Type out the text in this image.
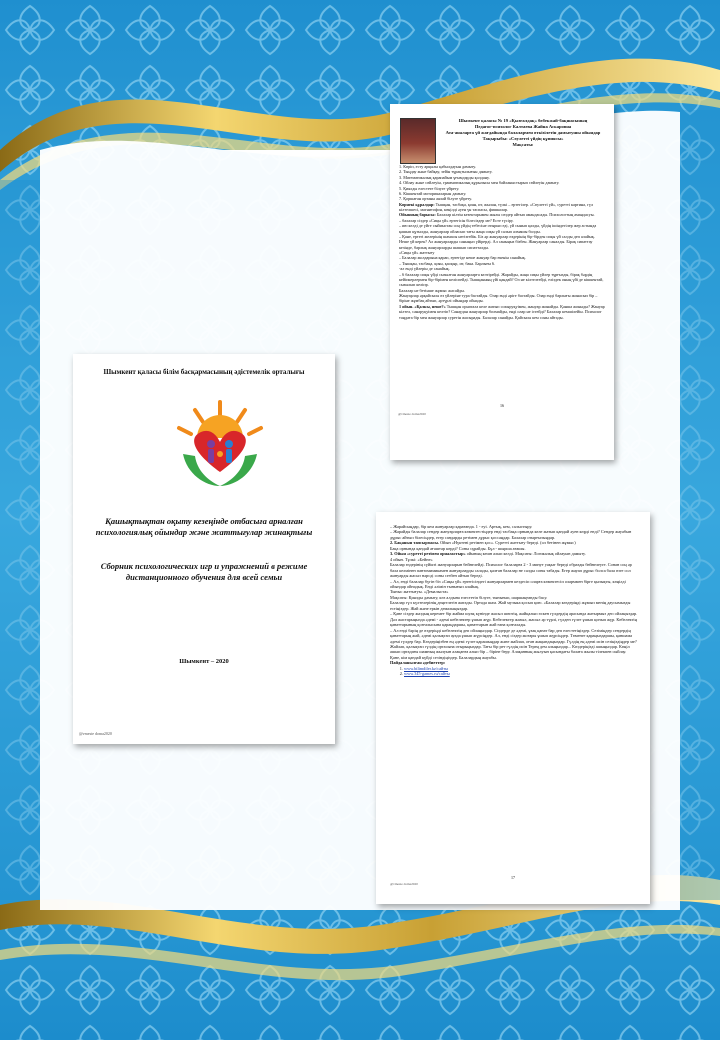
Шымкент қаласы білім басқармасының әдістемелік орталығы
Қашықтықтан оқыту кезеңінде отбасыға арналған психологиялық ойындар және жаттығулар жинақтығы
Сборник психологических игр и упражнений в режиме дистанционного обучения для всей семьи
Шымкент – 2020
@vmeste doma2020
Шымкент қаласы № 19 «Қызғалдақ» бөбекжай-бақшасының
Педагог-психолог Калтаева Жайна Аскаровна
Ата-аналарға үй жағдайында балалармен өткізілетін дамытушы ойындар
Тақырыбы: «Сөулетті үйдің құпиясы»
Мақсаты:

1. Көріп, есту арқылы қабылдауын дамыту.

2. Тыңдау және байқау, зейін тұрақтылығын дамыту.

3. Математикалық қарапайым ұғымдарды қолдану.

4. Ойлау және сөйлеуін, грамматикалық құрылысы мен байланыстырып сөйлеуін дамыту.

5. Қиялды елестете білуге үйрету.

6. Кішкентай моторикаларын дамыту.

7. Қоршаған ортаны аялай білуге үйрету.

Көрнекі құралдар: Тышқан, тасбақа, қоян, ит, жылан, түлкі – ертегілер. «Сөулетті үй», суретті картина, гүл кілтелшесі, магнитофон, көңілді әуен үн таспасы, фишкалар.

Ойынның барысы: Балалар кілтін кезектарымен жылы сөздер айтып амандасады. Психологтың амандасуы.

– балалар сіздер «Сиқы үй» ертегісін білесіздер ме? Есте түсіру.

– ию келді де үйге сыйиыстан соң үйдің тебесіне отырып еді, үй сынып қалды, үйдің ішіндегілер жер астында қашып құтылды, жануарлар ойласып тағы жаңа сиқы үй салып алмашы болды.

– Қане, ертегі желерінің шамасы негізгейік. Біз әр жануарлар өздерінің бір-бірден сиқы үй салды деп алайық. Неше үй керек? Ал жануарларды саныңыз үйірерді. Ал саныңыз бізбен. Жануарлар саналды. Бірақ сипаттау кезінде, барлық жануарларды шашып сипатталды.

«Сиқы үй» жаттығу

– Балалар жолдарына қарап, ертегіде неше жануар бар екенін санайық.

– Тышқан, тасбақа, қоян, қасқыр, ит, бака. Барлығы 6.

-ал енді үйлерін де санайық.

– 6 балалар сиқы үйді сызылған жануарларға келтірейді. Жарайды, жаңа сиқы үйлер тұрғызды, бірақ бәрдің кейіпкерлермен бір-бірімен келіспейді. Тышқанның үйі қандай? Ол не кілтелтейді, еліздек оның үйі де кішкентай, сызылып келіпр.

Балалар не бетінше жұмыс жасайды.

Жануарлар әрқайсысы өз үйлеріне тура бастайды. Олар енді әріге бастайды. Олар енді барлығы жинасып бір – біріне жұмбақ айтып, әртүрлі ойындар ойнады.

1 ойын. «Қалкы, неше?» Тышқан орнатала келе жатып сохыруқуімен, жануар жинайды. Қанша жоныды? Жануар кілтел, санаруқуімен келтіп? Санаудан жануарлар болмайды, енді олар не істейді? Балалар кемшілейін. Психолог таңдата бір мен жануарлар суретін жасырады. Балалар санайды. Қайсысы кем соны айтады.

16
@vmeste doma2020

– Жарайсыңдар, бір кем жануарлар қарағанда. 1 - еуі. Артық, кем, салыстыру.

– Жарайды балалар сендер жануарларға көмектестіңдер енді тасбақа орнында келе жатып қандай әуен көрді енді? Сендер жауабын дұрыс айтып білесіңдер, егер сандарды ретімен дұрыс қоссаңдар. Балалар отырғызыңдар.

2. Бақанын тапсырмасы. Ойын «Нүктені ретімен қос». Суретті жаттығу береді. (ол бетінен жұмыс)

Бақа орнында қандай ағаштар көрді? Соны сұрайды. Бұл - шырша ағашы.

3. Ойын «суретті ретімен орналастыр» ойының кешн алып келді. Мақсаты: Логикалық ойлауын дамыту.

4 ойын. Тұлкі: «Бейне»

Балалар өздерінің сүйікті жануарларын бейнелейді. Психолог балаларға 2 - 3 минут уақыт береді образды бейнелеуге. Сонан соң әр бала келмінен пантомимикамен жануарларды салады, қалған балалар не салды соны табады. Егер жауап дұрыс болса бала өзге сол жануарды жасыз нәрсді соны сезбен айтып береді.

– Ал, енді балалар бүгін біз «Сиқы үй» ертегісіндегі жануарлармен кездесіп оларға көмектесіп оларммен бірге қызықты, көңілді ойындар ойнадық. Енді әлімін тынығып алайық.

Тыныс жаттығуы. «Демалыста»

Мақсаты: Қиялды дамыту, көз алдына елестетіп білуге, тынығып, шаршаңғанды басу.

Балалар гүл күлтелерінің дөңгелегін жатады. Ортада шам. Жай музыка қосып қою. «Балалар көздеріңді жұмып менің даусымызды естіңіздер. Жай және еркін демалыңыздар.

– Қане сіздер жаздың керемет бір жайма шуақ күнінде жасыл шөптің, жайқалып өскен гүлдердің арасында жатырмыз деп ойлаңыздар. Дәл жастарыңызда әдемі - әдемі көбелектер ұшып жүр. Көбелектер жазыл, жасыл әр түрлі, гүлден гүлге ұшып қонып жүр. Көбелектің қанаттарының қозғалысына қараңдаршы, қанаттарын жай ғана қозғалады.

– Ал енді бәрің де өздеріңді көбелектің деп ойлаңыздар. Сіздерде де әдемі, ұзақ қанат бар деп елестетіңіздер. Сезіміңдер сендердің қанаттарың жай, әдемі қалықтап ауада ұшып жүрсіңдер. Ал, енді сіздер жоғары ұшып жүрсіңдер. Төменге қараңыздаршы, қаншама әдемі гүлдер бар. Көздеріңізбен ең әдемі гүлге қарашыңдар және жайлап, оған жақындаңыздар. Гүлдің ең әдемі исін сезіңіздіңдер ме? Жайлап, қалықтап гүлдің ортасына отырыңыздар. Тағы бір рет гүлдің исін Терең дем алыңыздар... Көздеріңізді ашыңыздар. Көңіл ашып ортадағы шамның жылуын алақанға алып бір – біріне беру. Алақанның жылуын қасындағы балаға жылы тілекпен сыйлау.

Қане, кім қандай күйді сезіндіңіздер. Балалардың жауабы.

Пайдаланылған әдебиеттер:

1. www.bilimdiler.kz/сайты
2. www.345-games.ru/сайты
17
@vmeste doma2020
